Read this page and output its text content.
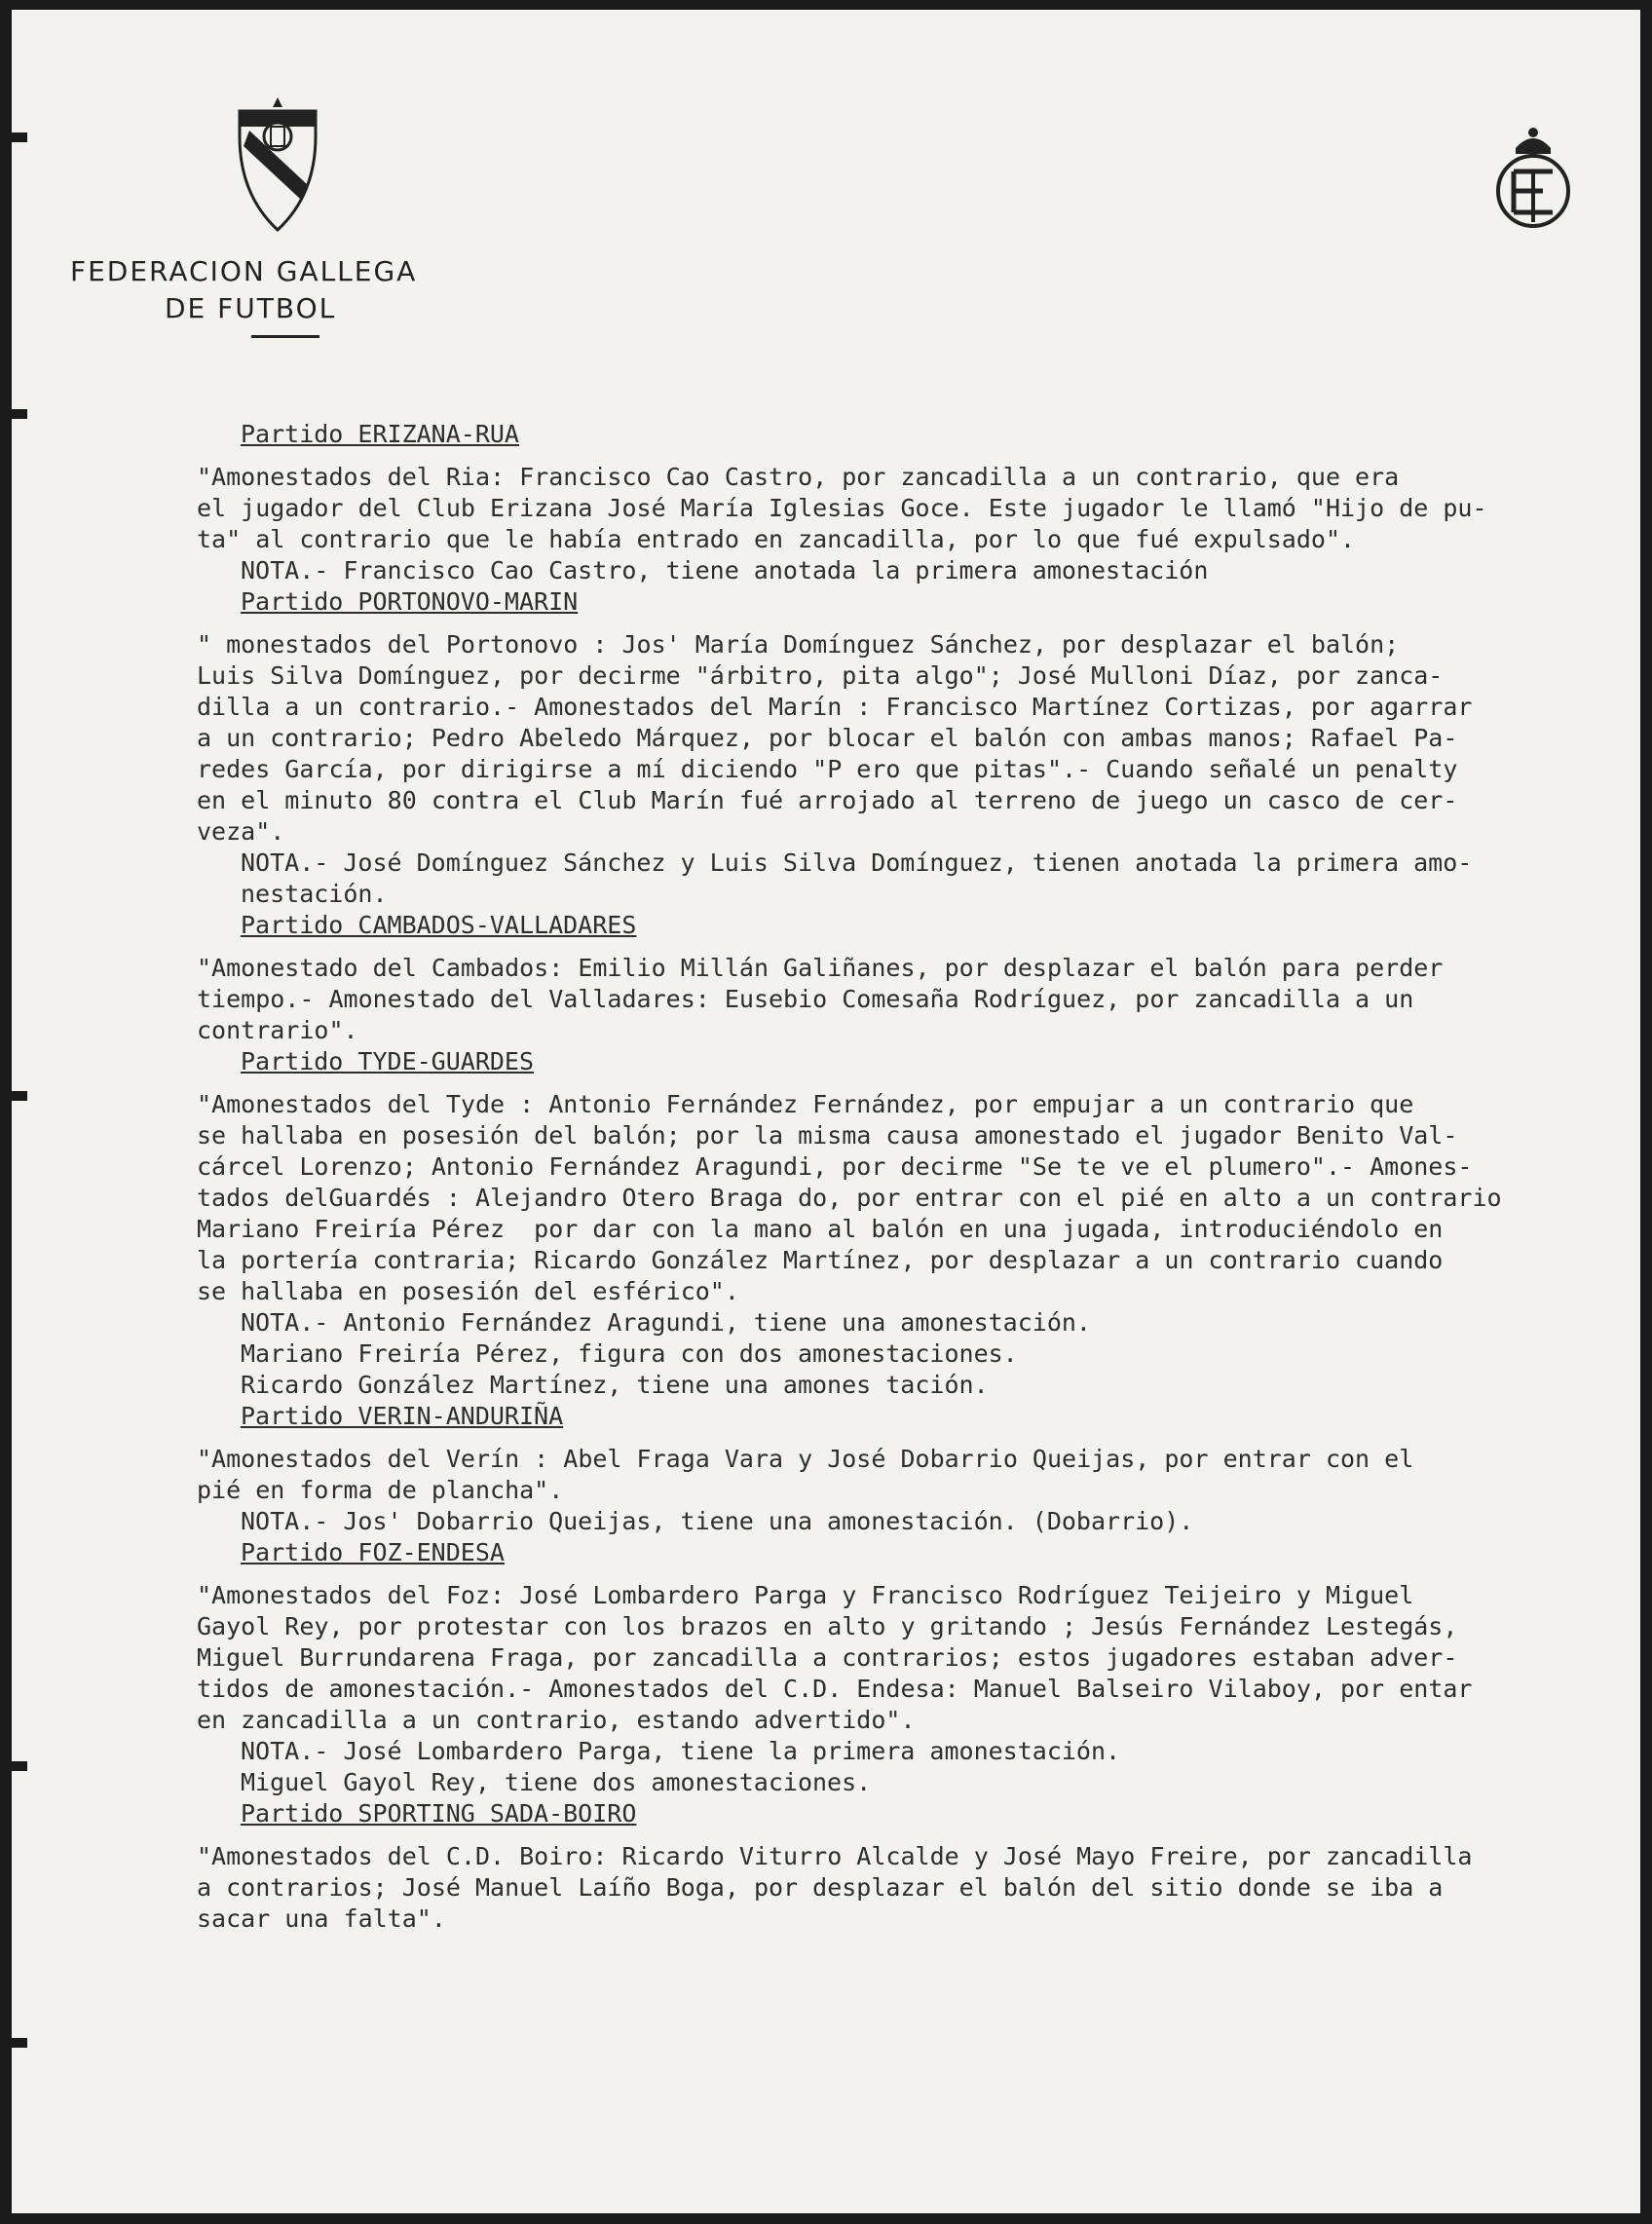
FEDERACION GALLEGA
DE FUTBOL
Partido ERIZANA-RUA
"Amonestados del Ria: Francisco Cao Castro, por zancadilla a un contrario, que era
el jugador del Club Erizana José María Iglesias Goce. Este jugador le llamó "Hijo de pu-
ta" al contrario que le había entrado en zancadilla, por lo que fué expulsado".
NOTA.- Francisco Cao Castro, tiene anotada la primera amonestación
Partido PORTONOVO-MARIN
" monestados del Portonovo : Jos' María Domínguez Sánchez, por desplazar el balón;
Luis Silva Domínguez, por decirme "árbitro, pita algo"; José Mulloni Díaz, por zanca-
dilla a un contrario.- Amonestados del Marín : Francisco Martínez Cortizas, por agarrar
a un contrario; Pedro Abeledo Márquez, por blocar el balón con ambas manos; Rafael Pa-
redes García, por dirigirse a mí diciendo "P ero que pitas".- Cuando señalé un penalty
en el minuto 80 contra el Club Marín fué arrojado al terreno de juego un casco de cer-
veza".
NOTA.- José Domínguez Sánchez y Luis Silva Domínguez, tienen anotada la primera amo-
nestación.
Partido CAMBADOS-VALLADARES
"Amonestado del Cambados: Emilio Millán Galiñanes, por desplazar el balón para perder
tiempo.- Amonestado del Valladares: Eusebio Comesaña Rodríguez, por zancadilla a un
contrario".
Partido TYDE-GUARDES
"Amonestados del Tyde : Antonio Fernández Fernández, por empujar a un contrario que
se hallaba en posesión del balón; por la misma causa amonestado el jugador Benito Val-
cárcel Lorenzo; Antonio Fernández Aragundi, por decirme "Se te ve el plumero".- Amones-
tados delGuardés : Alejandro Otero Braga do, por entrar con el pié en alto a un contrario
Mariano Freiría Pérez  por dar con la mano al balón en una jugada, introduciéndolo en
la portería contraria; Ricardo González Martínez, por desplazar a un contrario cuando
se hallaba en posesión del esférico".
NOTA.- Antonio Fernández Aragundi, tiene una amonestación.
Mariano Freiría Pérez, figura con dos amonestaciones.
Ricardo González Martínez, tiene una amones tación.
Partido VERIN-ANDURIÑA
"Amonestados del Verín : Abel Fraga Vara y José Dobarrio Queijas, por entrar con el
pié en forma de plancha".
NOTA.- Jos' Dobarrio Queijas, tiene una amonestación. (Dobarrio).
Partido FOZ-ENDESA
"Amonestados del Foz: José Lombardero Parga y Francisco Rodríguez Teijeiro y Miguel
Gayol Rey, por protestar con los brazos en alto y gritando ; Jesús Fernández Lestegás,
Miguel Burrundarena Fraga, por zancadilla a contrarios; estos jugadores estaban adver-
tidos de amonestación.- Amonestados del C.D. Endesa: Manuel Balseiro Vilaboy, por entar
en zancadilla a un contrario, estando advertido".
NOTA.- José Lombardero Parga, tiene la primera amonestación.
Miguel Gayol Rey, tiene dos amonestaciones.
Partido SPORTING SADA-BOIRO
"Amonestados del C.D. Boiro: Ricardo Viturro Alcalde y José Mayo Freire, por zancadilla
a contrarios; José Manuel Laíño Boga, por desplazar el balón del sitio donde se iba a
sacar una falta".
